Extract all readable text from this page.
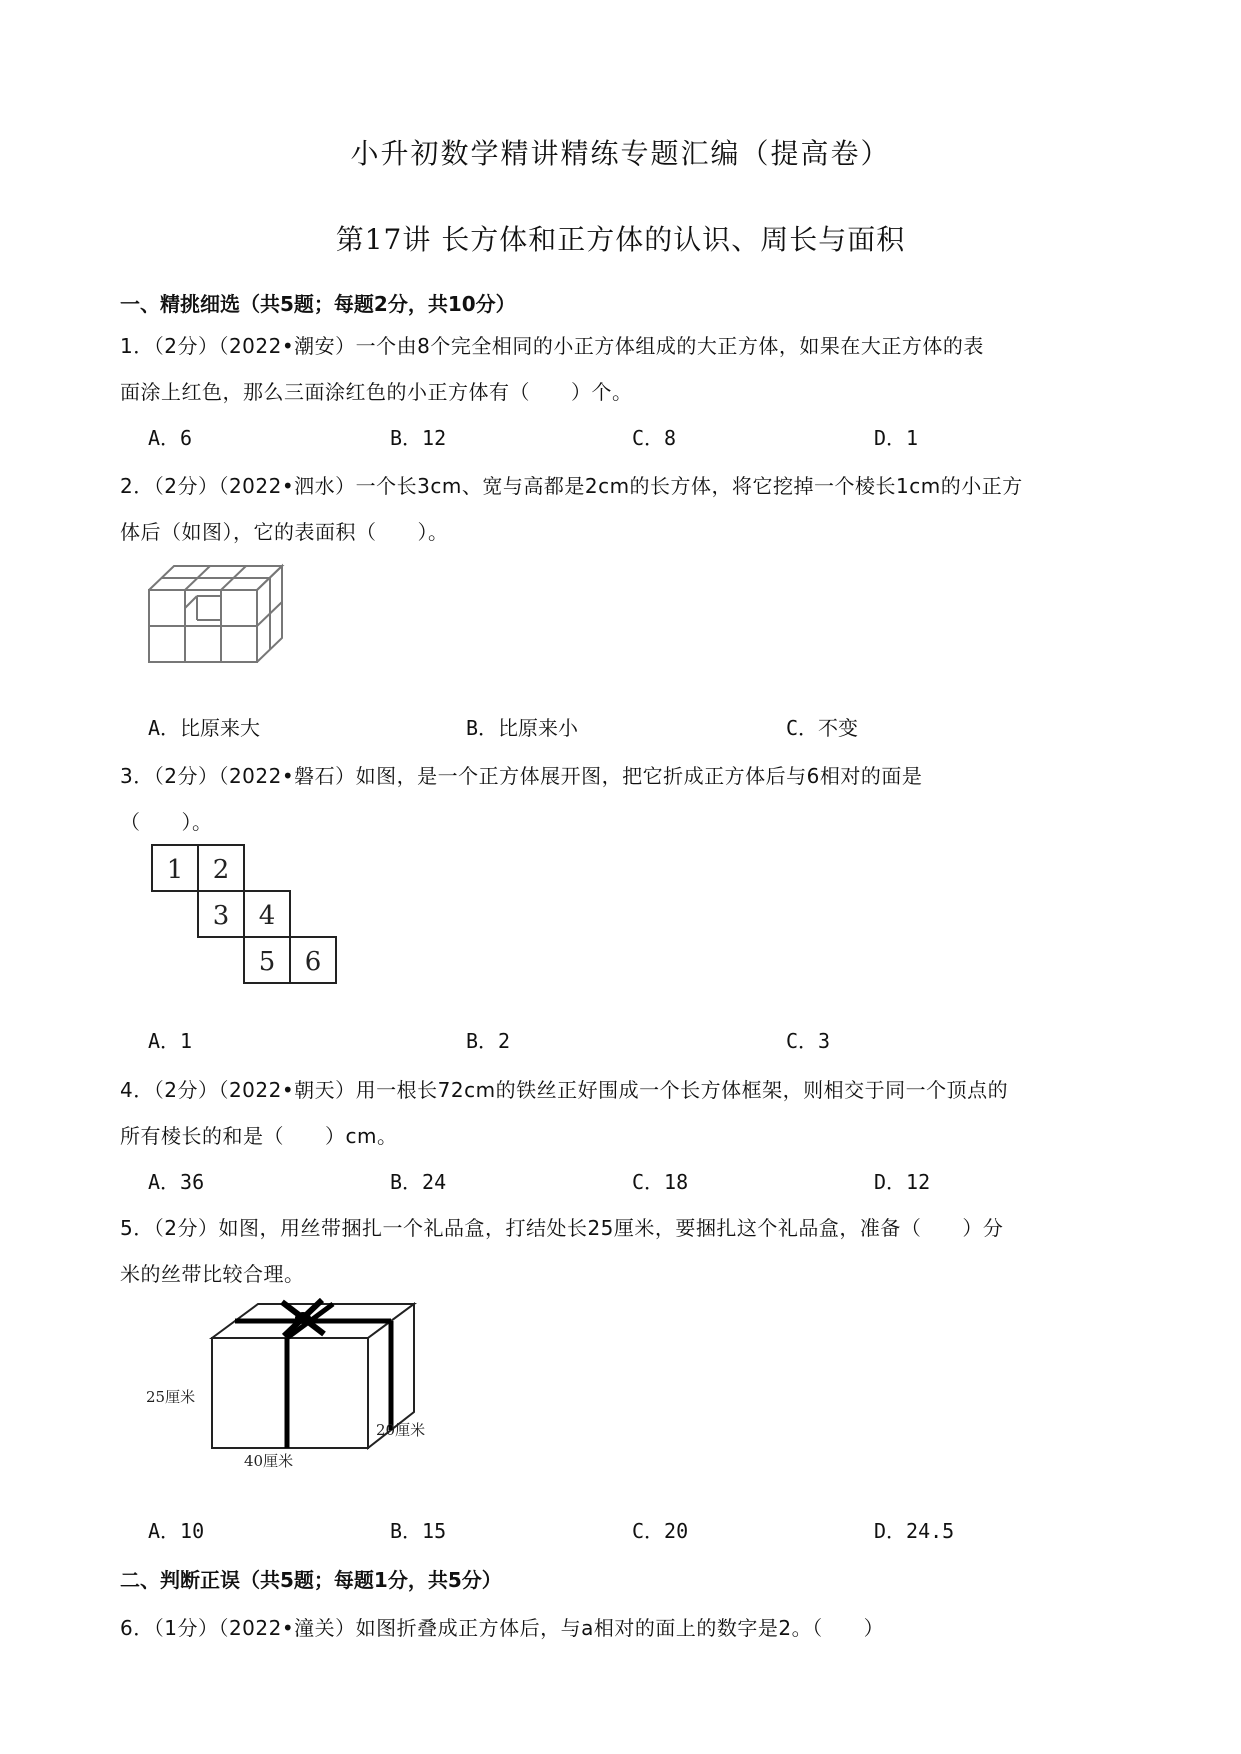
小升初数学精讲精练专题汇编（提高卷）
第17讲 长方体和正方体的认识、周长与面积
一、精挑细选（共5题；每题2分，共10分）
1．（2分）（2022•潮安）一个由8个完全相同的小正方体组成的大正方体，如果在大正方体的表
面涂上红色，那么三面涂红色的小正方体有（　　）个。
A．6	B．12	C．8	D．1
2．（2分）（2022•泗水）一个长3cm、宽与高都是2cm的长方体，将它挖掉一个棱长1cm的小正方
体后（如图），它的表面积（　　）。
A．比原来大	B．比原来小	C．不变
3．（2分）（2022•磐石）如图，是一个正方体展开图，把它折成正方体后与6相对的面是
（　　）。
1 2
3 4
5 6
A．1	B．2	C．3
4．（2分）（2022•朝天）用一根长72cm的铁丝正好围成一个长方体框架，则相交于同一个顶点的
所有棱长的和是（　　）cm。
A．36	B．24	C．18	D．12
5．（2分）如图，用丝带捆扎一个礼品盒，打结处长25厘米，要捆扎这个礼品盒，准备（　　）分
米的丝带比较合理。
25厘米
40厘米
20厘米
A．10	B．15	C．20	D．24.5
二、判断正误（共5题；每题1分，共5分）
6．（1分）（2022•潼关）如图折叠成正方体后，与a相对的面上的数字是2。（　　）
